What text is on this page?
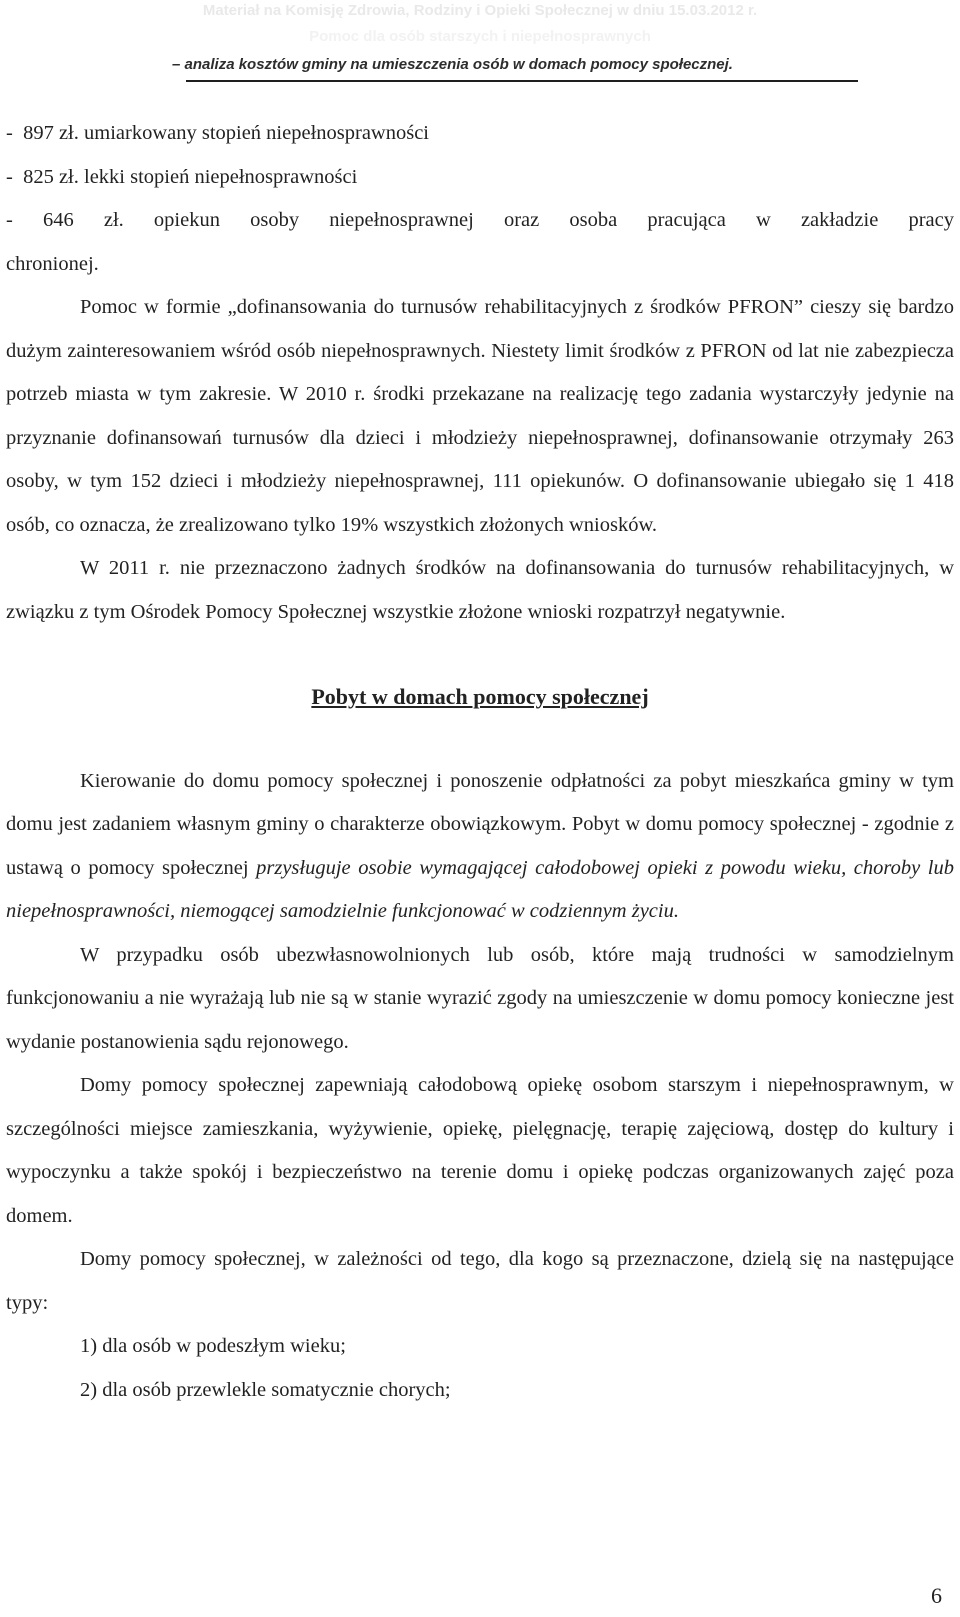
Materiał na Komisję Zdrowia, Rodziny i Opieki Społecznej w dniu 15.03.2012 r.
Pomoc dla osób starszych i niepełnosprawnych
– analiza kosztów gminy na umieszczenia osób w domach pomocy społecznej.
-  897 zł. umiarkowany stopień niepełnosprawności
-  825 zł. lekki stopień niepełnosprawności
- 646 zł. opiekun osoby niepełnosprawnej oraz osoba pracująca w zakładzie pracy
chronionej.

Pomoc w formie „dofinansowania do turnusów rehabilitacyjnych z środków PFRON” cieszy się bardzo dużym zainteresowaniem wśród osób niepełnosprawnych. Niestety limit środków z PFRON od lat nie zabezpiecza potrzeb miasta w tym zakresie. W 2010 r. środki przekazane na realizację tego zadania wystarczyły jedynie na przyznanie dofinansowań turnusów dla dzieci i młodzieży niepełnosprawnej, dofinansowanie otrzymały 263 osoby, w tym 152 dzieci i młodzieży niepełnosprawnej, 111 opiekunów. O dofinansowanie ubiegało się 1 418 osób, co oznacza, że zrealizowano tylko 19% wszystkich złożonych wniosków.

W 2011 r. nie przeznaczono żadnych środków na dofinansowania do turnusów rehabilitacyjnych, w związku z tym Ośrodek Pomocy Społecznej wszystkie złożone wnioski rozpatrzył negatywnie.

Pobyt w domach pomocy społecznej

Kierowanie do domu pomocy społecznej i ponoszenie odpłatności za pobyt mieszkańca gminy w tym domu jest zadaniem własnym gminy o charakterze obowiązkowym. Pobyt w domu pomocy społecznej - zgodnie z ustawą o pomocy społecznej przysługuje osobie wymagającej całodobowej opieki z powodu wieku, choroby lub niepełnosprawności, niemogącej samodzielnie funkcjonować w codziennym życiu.

W przypadku osób ubezwłasnowolnionych lub osób, które mają trudności w samodzielnym funkcjonowaniu a nie wyrażają lub nie są w stanie wyrazić zgody na umieszczenie w domu pomocy konieczne jest wydanie postanowienia sądu rejonowego.

Domy pomocy społecznej zapewniają całodobową opiekę osobom starszym i niepełnosprawnym, w szczególności miejsce zamieszkania, wyżywienie, opiekę, pielęgnację, terapię zajęciową, dostęp do kultury i wypoczynku a także spokój i bezpieczeństwo na terenie domu i opiekę podczas organizowanych zajęć poza domem.

Domy pomocy społecznej, w zależności od tego, dla kogo są przeznaczone, dzielą się na następujące typy:

1) dla osób w podeszłym wieku;
2) dla osób przewlekle somatycznie chorych;
6
